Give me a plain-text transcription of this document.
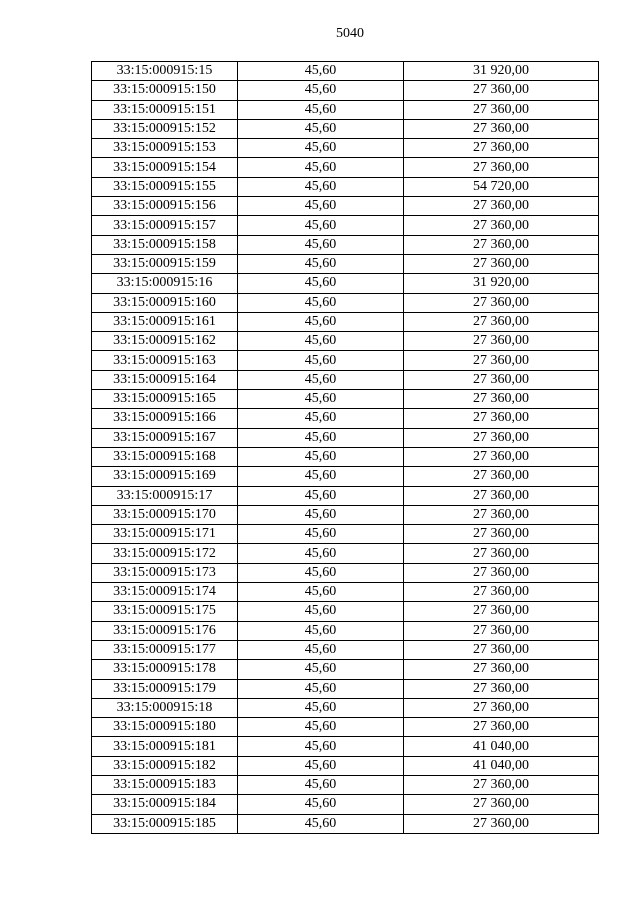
5040
33:15:000915:15	45,60	31 920,00
33:15:000915:150	45,60	27 360,00
33:15:000915:151	45,60	27 360,00
33:15:000915:152	45,60	27 360,00
33:15:000915:153	45,60	27 360,00
33:15:000915:154	45,60	27 360,00
33:15:000915:155	45,60	54 720,00
33:15:000915:156	45,60	27 360,00
33:15:000915:157	45,60	27 360,00
33:15:000915:158	45,60	27 360,00
33:15:000915:159	45,60	27 360,00
33:15:000915:16	45,60	31 920,00
33:15:000915:160	45,60	27 360,00
33:15:000915:161	45,60	27 360,00
33:15:000915:162	45,60	27 360,00
33:15:000915:163	45,60	27 360,00
33:15:000915:164	45,60	27 360,00
33:15:000915:165	45,60	27 360,00
33:15:000915:166	45,60	27 360,00
33:15:000915:167	45,60	27 360,00
33:15:000915:168	45,60	27 360,00
33:15:000915:169	45,60	27 360,00
33:15:000915:17	45,60	27 360,00
33:15:000915:170	45,60	27 360,00
33:15:000915:171	45,60	27 360,00
33:15:000915:172	45,60	27 360,00
33:15:000915:173	45,60	27 360,00
33:15:000915:174	45,60	27 360,00
33:15:000915:175	45,60	27 360,00
33:15:000915:176	45,60	27 360,00
33:15:000915:177	45,60	27 360,00
33:15:000915:178	45,60	27 360,00
33:15:000915:179	45,60	27 360,00
33:15:000915:18	45,60	27 360,00
33:15:000915:180	45,60	27 360,00
33:15:000915:181	45,60	41 040,00
33:15:000915:182	45,60	41 040,00
33:15:000915:183	45,60	27 360,00
33:15:000915:184	45,60	27 360,00
33:15:000915:185	45,60	27 360,00
